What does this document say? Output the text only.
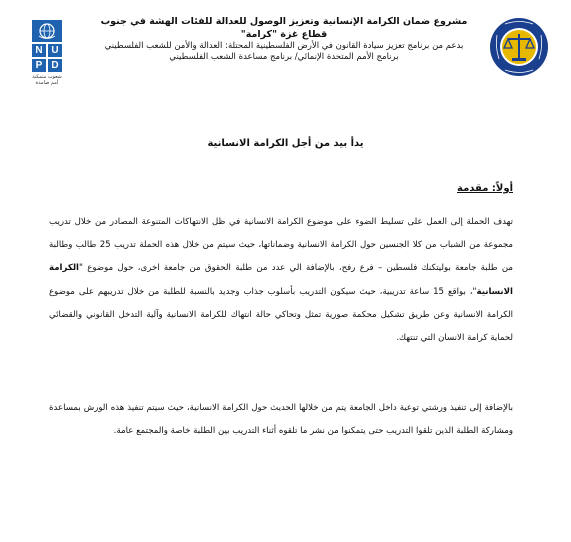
مشروع ضمان الكرامة الإنسانية وتعزيز الوصول للعدالة للفئات الهشة في جنوب قطاع غزة "كرامة"
بدعم من برنامج تعزيز سيادة القانون في الأرض الفلسطينية المحتلة: العدالة والأمن للشعب الفلسطيني
برنامج الأمم المتحدة الإنمائي/ برنامج مساعدة الشعب الفلسطيني
U
N
D
P
شعوب متمكنة
أمم صامدة
يدأ بيد من أجل الكرامة الانسانية
أولاً: مقدمة

تهدف الحملة إلى العمل على تسليط الضوء على موضوع الكرامة الانسانية في ظل الانتهاكات المتنوعة المصادر من خلال تدريب مجموعة من الشباب من كلا الجنسين حول الكرامة الانسانية وضماناتها، حيث سيتم من خلال هذه الحملة تدريب 25 طالب وطالبة من طلبة جامعة بوليتكنك فلسطين – فرع رفح، بالإضافة الي عدد من طلبة الحقوق من جامعة اخرى، حول موضوع "الكرامة الانسانية"، بواقع 15 ساعة تدريبية، حيث سيكون التدريب بأسلوب جذاب وجديد بالنسبة للطلبة من خلال تدريبهم على موضوع الكرامة الانسانية وعن طريق تشكيل محكمة صورية تمثل وتحاكي حالة انتهاك للكرامة الانسانية وآلية التدخل القانوني والقضائي لحماية كرامة الانسان التي تنتهك.

بالإضافة إلى تنفيذ ورشتي توعية داخل الجامعة يتم من خلالها الحديث حول الكرامة الانسانية، حيث سيتم تنفيذ هذه الورش بمساعدة ومشاركة الطلبة الذين تلقوا التدريب حتى يتمكنوا من نشر ما تلقوه أثناء التدريب بين الطلبة خاصة والمجتمع عامة.
